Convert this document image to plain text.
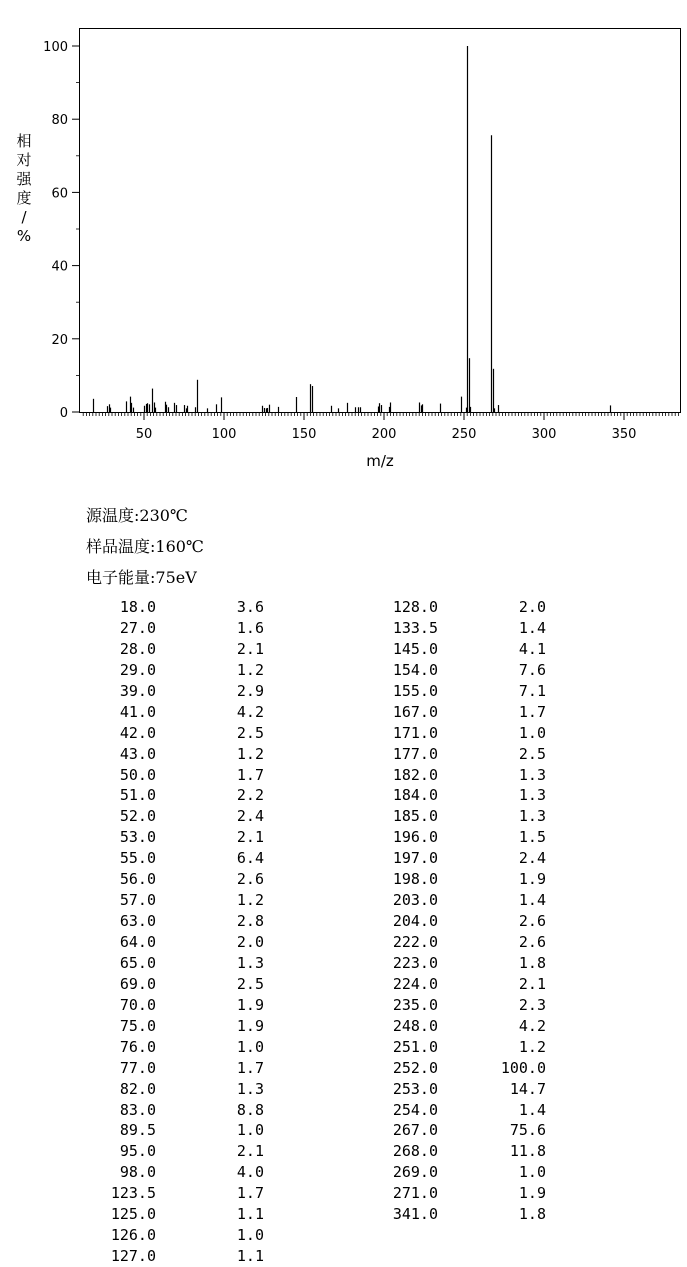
50	100	150	200	250	300	350
0
20
40
60
80
100
m/z
相
对
强
度
/
%
源温度:230℃
样品温度:160℃
电子能量:75eV
18.0	3.6
27.0	1.6
28.0	2.1
29.0	1.2
39.0	2.9
41.0	4.2
42.0	2.5
43.0	1.2
50.0	1.7
51.0	2.2
52.0	2.4
53.0	2.1
55.0	6.4
56.0	2.6
57.0	1.2
63.0	2.8
64.0	2.0
65.0	1.3
69.0	2.5
70.0	1.9
75.0	1.9
76.0	1.0
77.0	1.7
82.0	1.3
83.0	8.8
89.5	1.0
95.0	2.1
98.0	4.0
123.5	1.7
125.0	1.1
126.0	1.0
127.0	1.1
128.0	2.0
133.5	1.4
145.0	4.1
154.0	7.6
155.0	7.1
167.0	1.7
171.0	1.0
177.0	2.5
182.0	1.3
184.0	1.3
185.0	1.3
196.0	1.5
197.0	2.4
198.0	1.9
203.0	1.4
204.0	2.6
222.0	2.6
223.0	1.8
224.0	2.1
235.0	2.3
248.0	4.2
251.0	1.2
252.0	100.0
253.0	14.7
254.0	1.4
267.0	75.6
268.0	11.8
269.0	1.0
271.0	1.9
341.0	1.8
